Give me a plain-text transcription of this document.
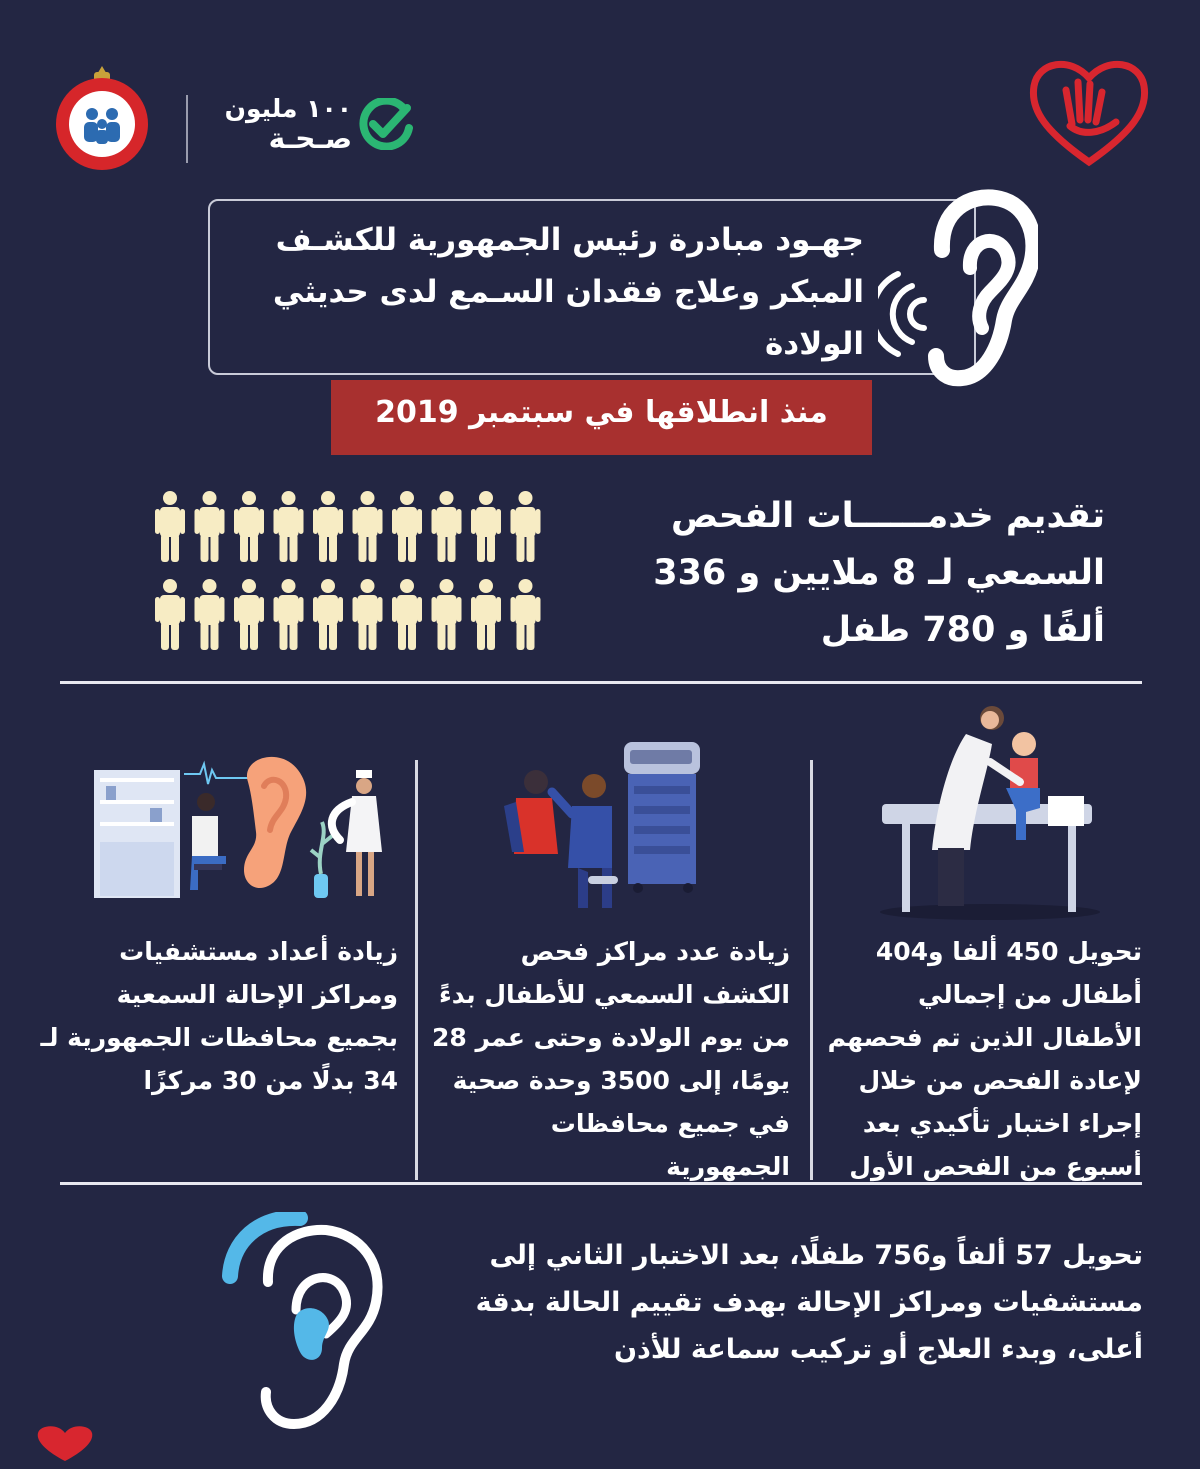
١٠٠ مليون
صـحـة
جهـود مبادرة رئيس الجمهورية للكشـف المبكر وعلاج فقدان السـمع لدى حديثي الولادة
منذ انطلاقها في سبتمبر 2019
تقديم خدمــــــات الفحص السمعي لـ 8 ملايين و 336 ألفًا و 780 طفل
تحويل 450 ألفا و404 أطفال من إجمالي الأطفال الذين تم فحصهم لإعادة الفحص من خلال إجراء اختبار تأكيدي بعد أسبوع من الفحص الأول
زيادة عدد مراكز فحص الكشف السمعي للأطفال بدءً من يوم الولادة وحتى عمر 28 يومًا، إلى 3500 وحدة صحية في جميع محافظات الجمهورية
زيادة أعداد مستشفيات ومراكز الإحالة السمعية بجميع محافظات الجمهورية لـ 34 بدلًا من 30 مركزًا
تحويل 57 ألفاً و756 طفلًا، بعد الاختبار الثاني إلى مستشفيات ومراكز الإحالة بهدف تقييم الحالة بدقة أعلى، وبدء العلاج أو تركيب سماعة للأذن
